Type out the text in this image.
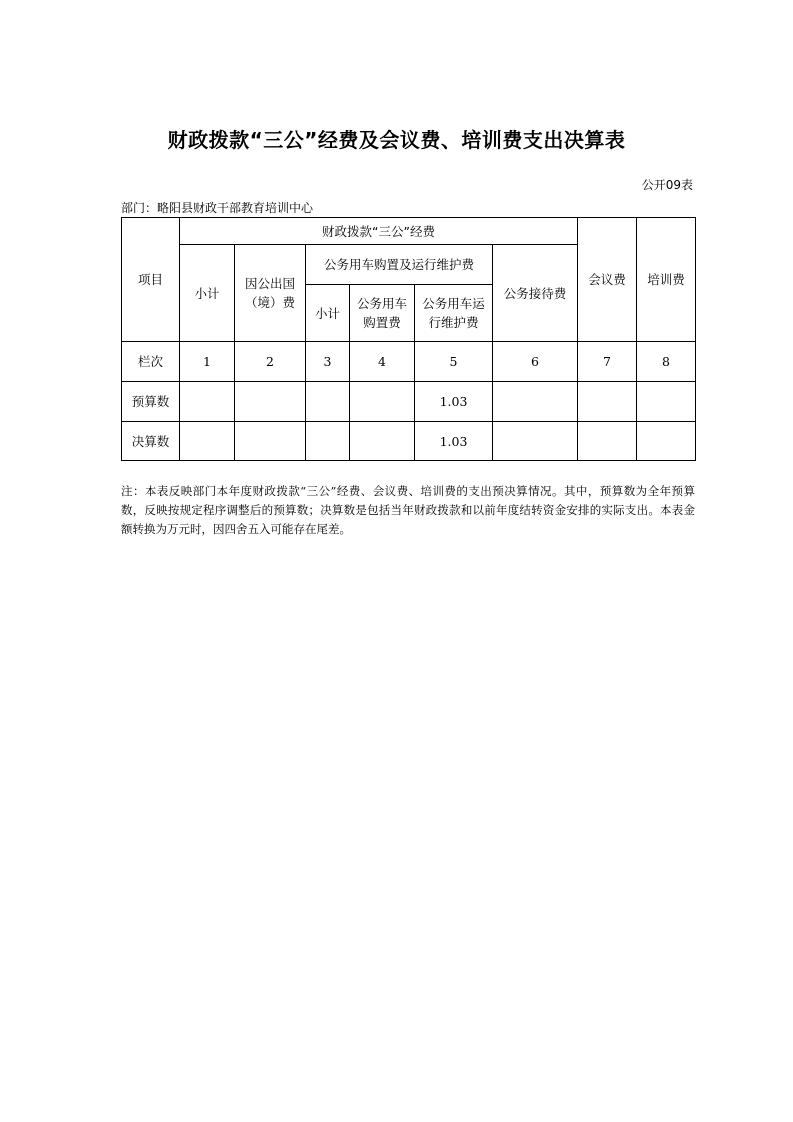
财政拨款“三公”经费及会议费、培训费支出决算表
公开09表
部门：略阳县财政干部教育培训中心
项目	财政拨款“三公”经费						会议费	培训费
	小计	因公出国（境）费	公务用车购置及运行维护费			公务接待费		
			小计	公务用车购置费	公务用车运行维护费			
栏次	1	2	3	4	5	6	7	8
预算数					1.03			
决算数					1.03			
注：本表反映部门本年度财政拨款“三公”经费、会议费、培训费的支出预决算情况。其中，预算数为全年预算数，反映按规定程序调整后的预算数；决算数是包括当年财政拨款和以前年度结转资金安排的实际支出。本表金额转换为万元时，因四舍五入可能存在尾差。
